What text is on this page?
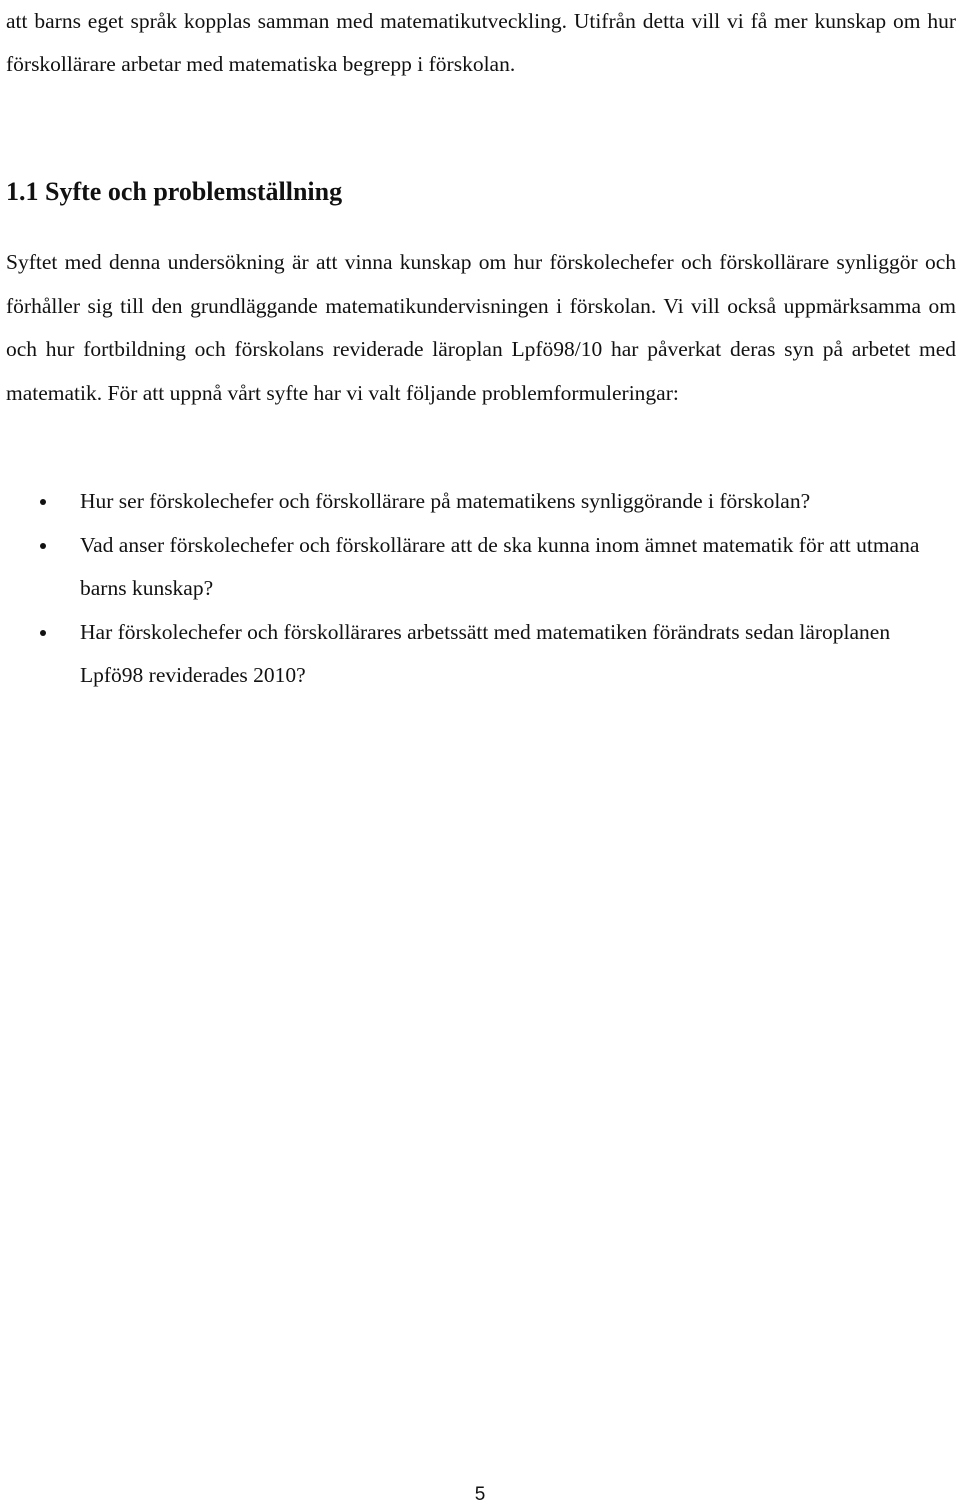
att barns eget språk kopplas samman med matematikutveckling. Utifrån detta vill vi få mer kunskap om hur förskollärare arbetar med matematiska begrepp i förskolan.

1.1 Syfte och problemställning

Syftet med denna undersökning är att vinna kunskap om hur förskolechefer och förskollärare synliggör och förhåller sig till den grundläggande matematikundervisningen i förskolan. Vi vill också uppmärksamma om och hur fortbildning och förskolans reviderade läroplan Lpfö98/10 har påverkat deras syn på arbetet med matematik. För att uppnå vårt syfte har vi valt följande problemformuleringar:

Hur ser förskolechefer och förskollärare på matematikens synliggörande i förskolan?
Vad anser förskolechefer och förskollärare att de ska kunna inom ämnet matematik för att utmana barns kunskap?
Har förskolechefer och förskollärares arbetssätt med matematiken förändrats sedan läroplanen Lpfö98 reviderades 2010?
5
